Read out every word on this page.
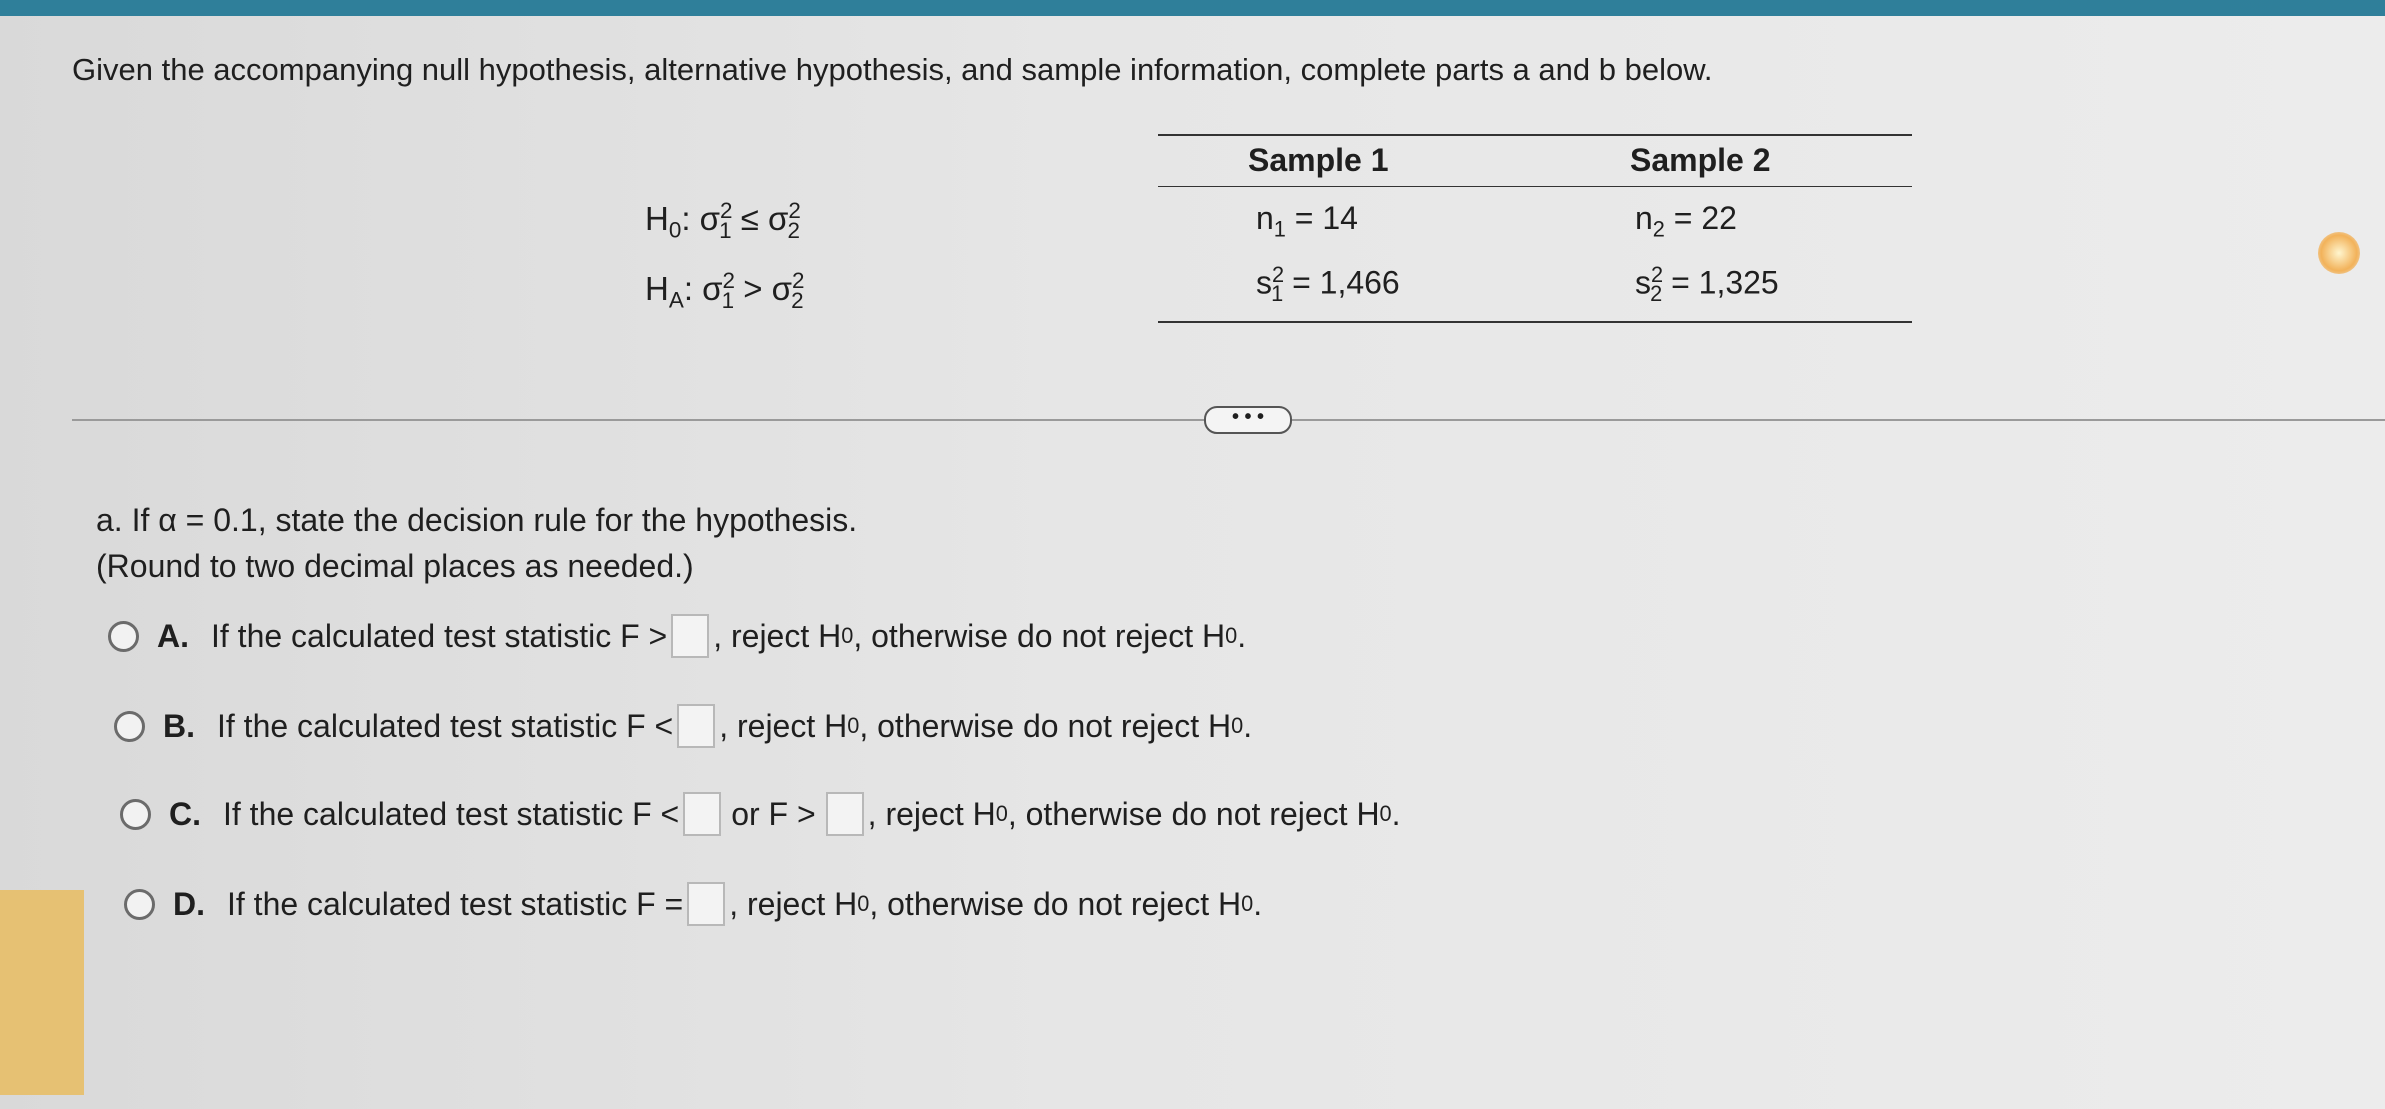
Given the accompanying null hypothesis, alternative hypothesis, and sample information, complete parts a and b below.
$H_0$: $\sigma^2_1 \le \sigma^2_2$
$H_A$: $\sigma^2_1 > \sigma^2_2$
Sample 1	Sample 2
$n_1 = 14$	$n_2 = 22$
$s^2_1 = 1,466$	$s^2_2 = 1,325$
• • •
a. If α = 0.1, state the decision rule for the hypothesis.
(Round to two decimal places as needed.)
A. If the calculated test statistic F > , reject H 0 , otherwise do not reject H 0 .
B. If the calculated test statistic F < , reject H 0 , otherwise do not reject H 0 .
C. If the calculated test statistic F < or F > , reject H 0 , otherwise do not reject H 0 .
D. If the calculated test statistic F = , reject H 0 , otherwise do not reject H 0 .
